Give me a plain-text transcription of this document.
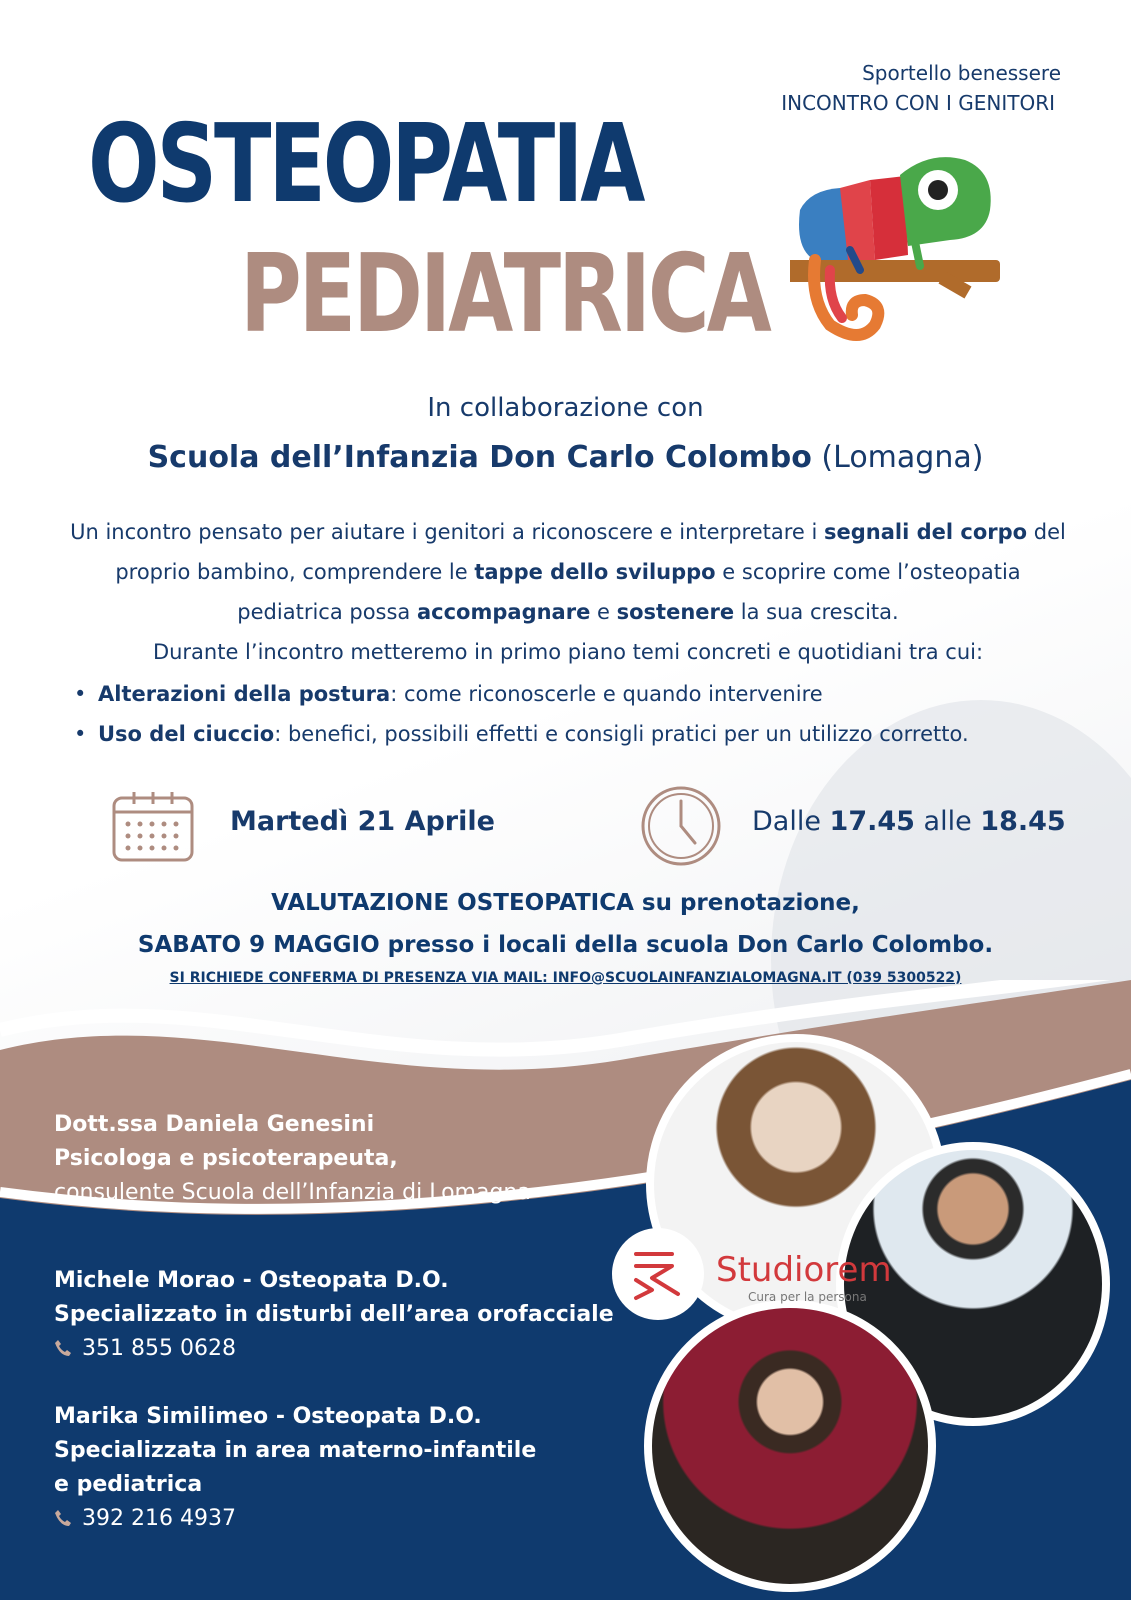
Sportello benessere
INCONTRO CON I GENITORI
OSTEOPATIA
PEDIATRICA
In collaborazione con
Scuola dell’Infanzia Don Carlo Colombo (Lomagna)
Un incontro pensato per aiutare i genitori a riconoscere e interpretare i segnali del corpo del proprio bambino, comprendere le tappe dello sviluppo e scoprire come l’osteopatia pediatrica possa accompagnare e sostenere la sua crescita.
Durante l’incontro metteremo in primo piano temi concreti e quotidiani tra cui:
• Alterazioni della postura: come riconoscerle e quando intervenire
• Uso del ciuccio: benefici, possibili effetti e consigli pratici per un utilizzo corretto.
Martedì 21 Aprile	Dalle 17.45 alle 18.45
VALUTAZIONE OSTEOPATICA su prenotazione,
SABATO 9 MAGGIO presso i locali della scuola Don Carlo Colombo.
SI RICHIEDE CONFERMA DI PRESENZA VIA MAIL: INFO@SCUOLAINFANZIALOMAGNA.IT (039 5300522)
Dott.ssa Daniela Genesini
Psicologa e psicoterapeuta,
consulente Scuola dell’Infanzia di Lomagna
Michele Morao - Osteopata D.O.
Specializzato in disturbi dell’area orofacciale
351 855 0628
Marika Similimeo - Osteopata D.O.
Specializzata in area materno-infantile
e pediatrica
392 216 4937
Studiorem
Cura per la persona
